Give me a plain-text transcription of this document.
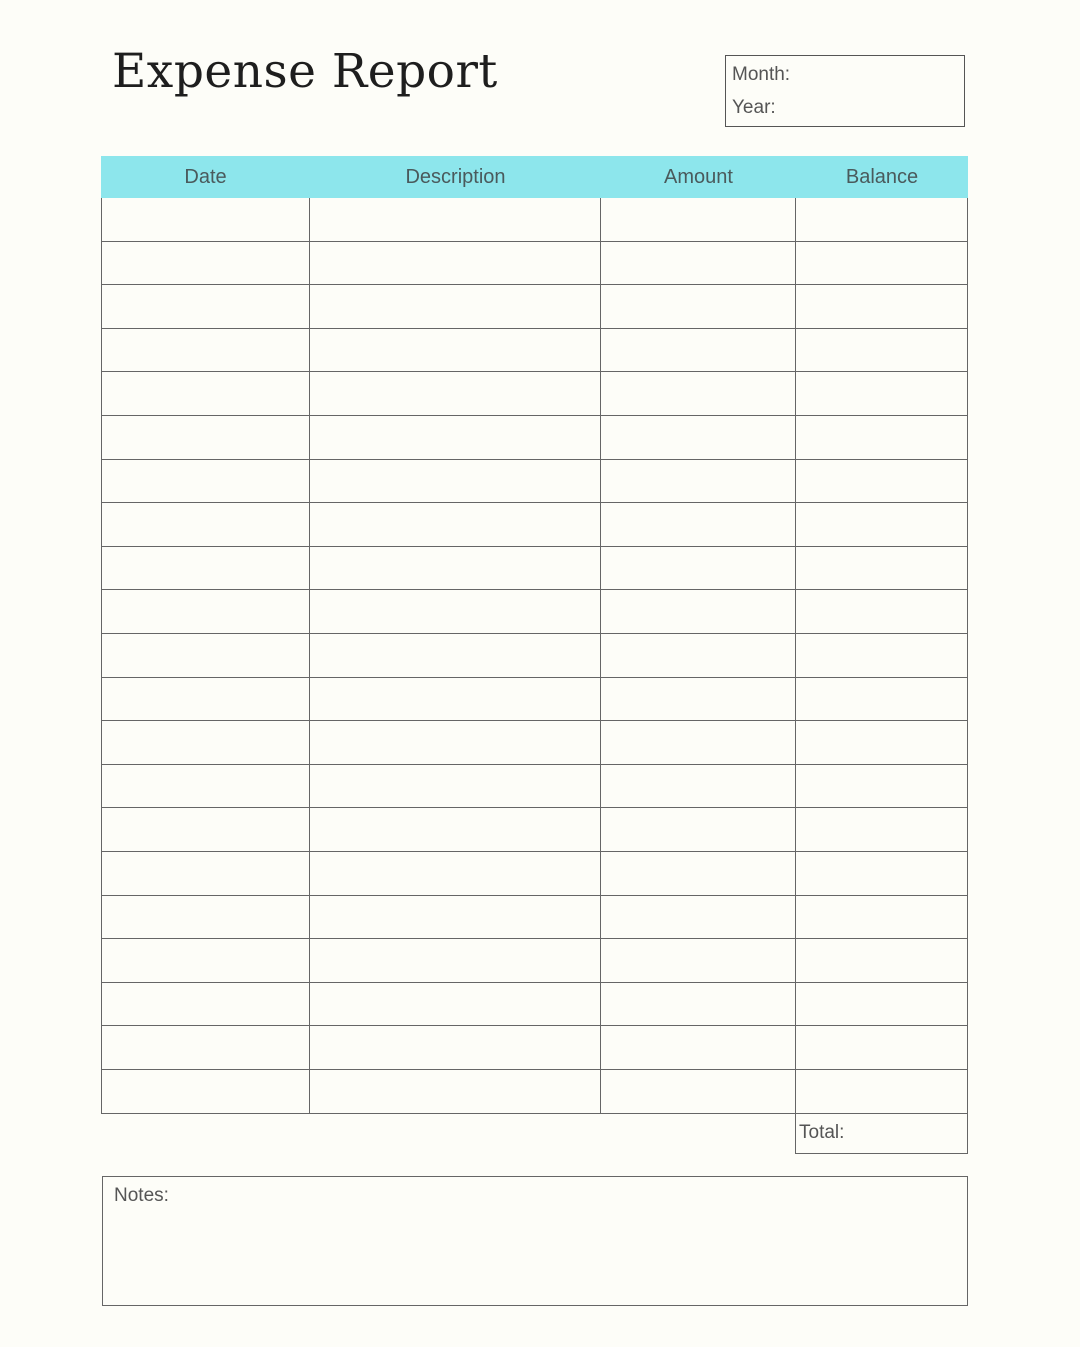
Expense Report	Month:
Year:
Date	Description	Amount	Balance
Total:
Notes:
